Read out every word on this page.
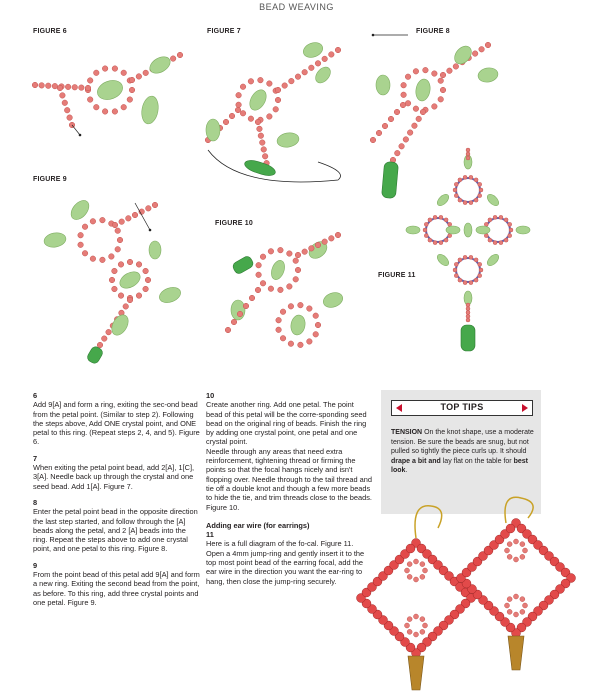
BEAD WEAVING
FIGURE 6	FIGURE 7	FIGURE 8
FIGURE 9
FIGURE 10
FIGURE 11
6
Add 9[A] and form a ring, exiting the sec-ond bead from the petal point. (Similar to step 2). Following the steps above, Add ONE crystal point, and ONE petal to this ring. (Repeat steps 2, 4, and 5). Figure 6.
7
When exiting the petal point bead, add 2[A], 1[C], 3[A]. Needle back up through the crystal and one seed bead. Add 1[A]. Figure 7.
8
Enter the petal point bead in the opposite direction the last step started, and follow through the [A] beads along the petal, and 2 [A] beads into the ring. Repeat the steps above to add one crystal point, and one petal to this ring. Figure 8.
9
From the point bead of this petal add 9[A] and form a new ring. Exiting the second bead from the point, as before. To this ring, add three crystal points and one petal. Figure 9.
10
Create another ring. Add one petal. The point bead of this petal will be the corre-sponding seed bead on the original ring of beads. Finish the ring by adding one crystal point, one petal and one crystal point.
Needle through any areas that need extra reinforcement, tightening thread or firming the points so that the focal hangs nicely and isn't flopping over. Needle through to the tail thread and tie off a double knot and though a few more beads to hide the tie, and trim threads close to the beads. Figure 10.
Adding ear wire (for earrings)
11
Here is a full diagram of the fo-cal. Figure 11.
Open a 4mm jump-ring and gently insert it to the top most point bead of the earring focal, add the ear wire in the direction you want the ear-ring to hang, then close the jump-ring securely.
TOP TIPS
TENSION On the knot shape, use a moderate tension. Be sure the beads are snug, but not pulled so tightly the piece curls up. It should drape a bit and lay flat on the table for best look.
